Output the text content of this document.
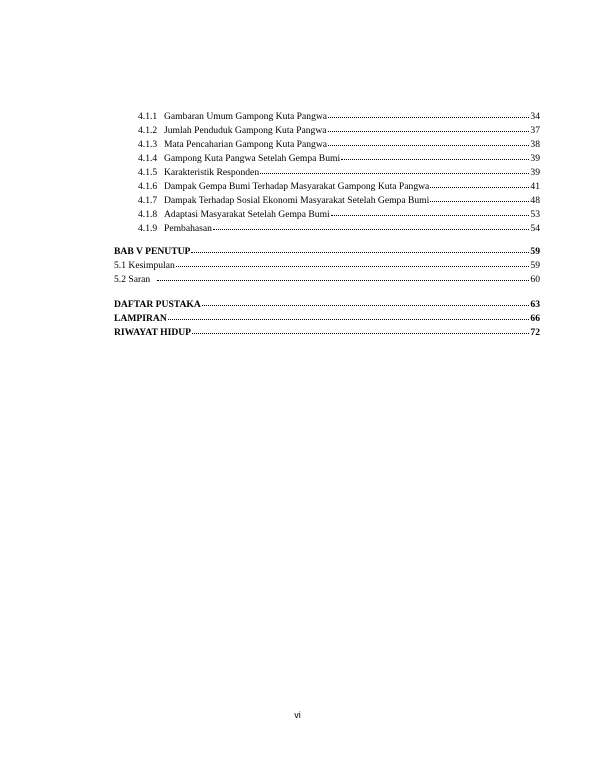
4.1.1 Gambaran Umum Gampong Kuta Pangwa	34
4.1.2 Jumlah Penduduk Gampong Kuta Pangwa	37
4.1.3 Mata Pencaharian Gampong Kuta Pangwa	38
4.1.4 Gampong Kuta Pangwa Setelah Gempa Bumi	39
4.1.5 Karakteristik Responden	39
4.1.6 Dampak Gempa Bumi Terhadap Masyarakat Gampong Kuta Pangwa	41
4.1.7 Dampak Terhadap Sosial Ekonomi Masyarakat Setelah Gempa Bumi	48
4.1.8 Adaptasi Masyarakat Setelah Gempa Bumi	53
4.1.9 Pembahasan	54
BAB V PENUTUP	59
5.1 Kesimpulan	59
5.2 Saran	60
DAFTAR PUSTAKA	63
LAMPIRAN	66
RIWAYAT HIDUP	72
vi
